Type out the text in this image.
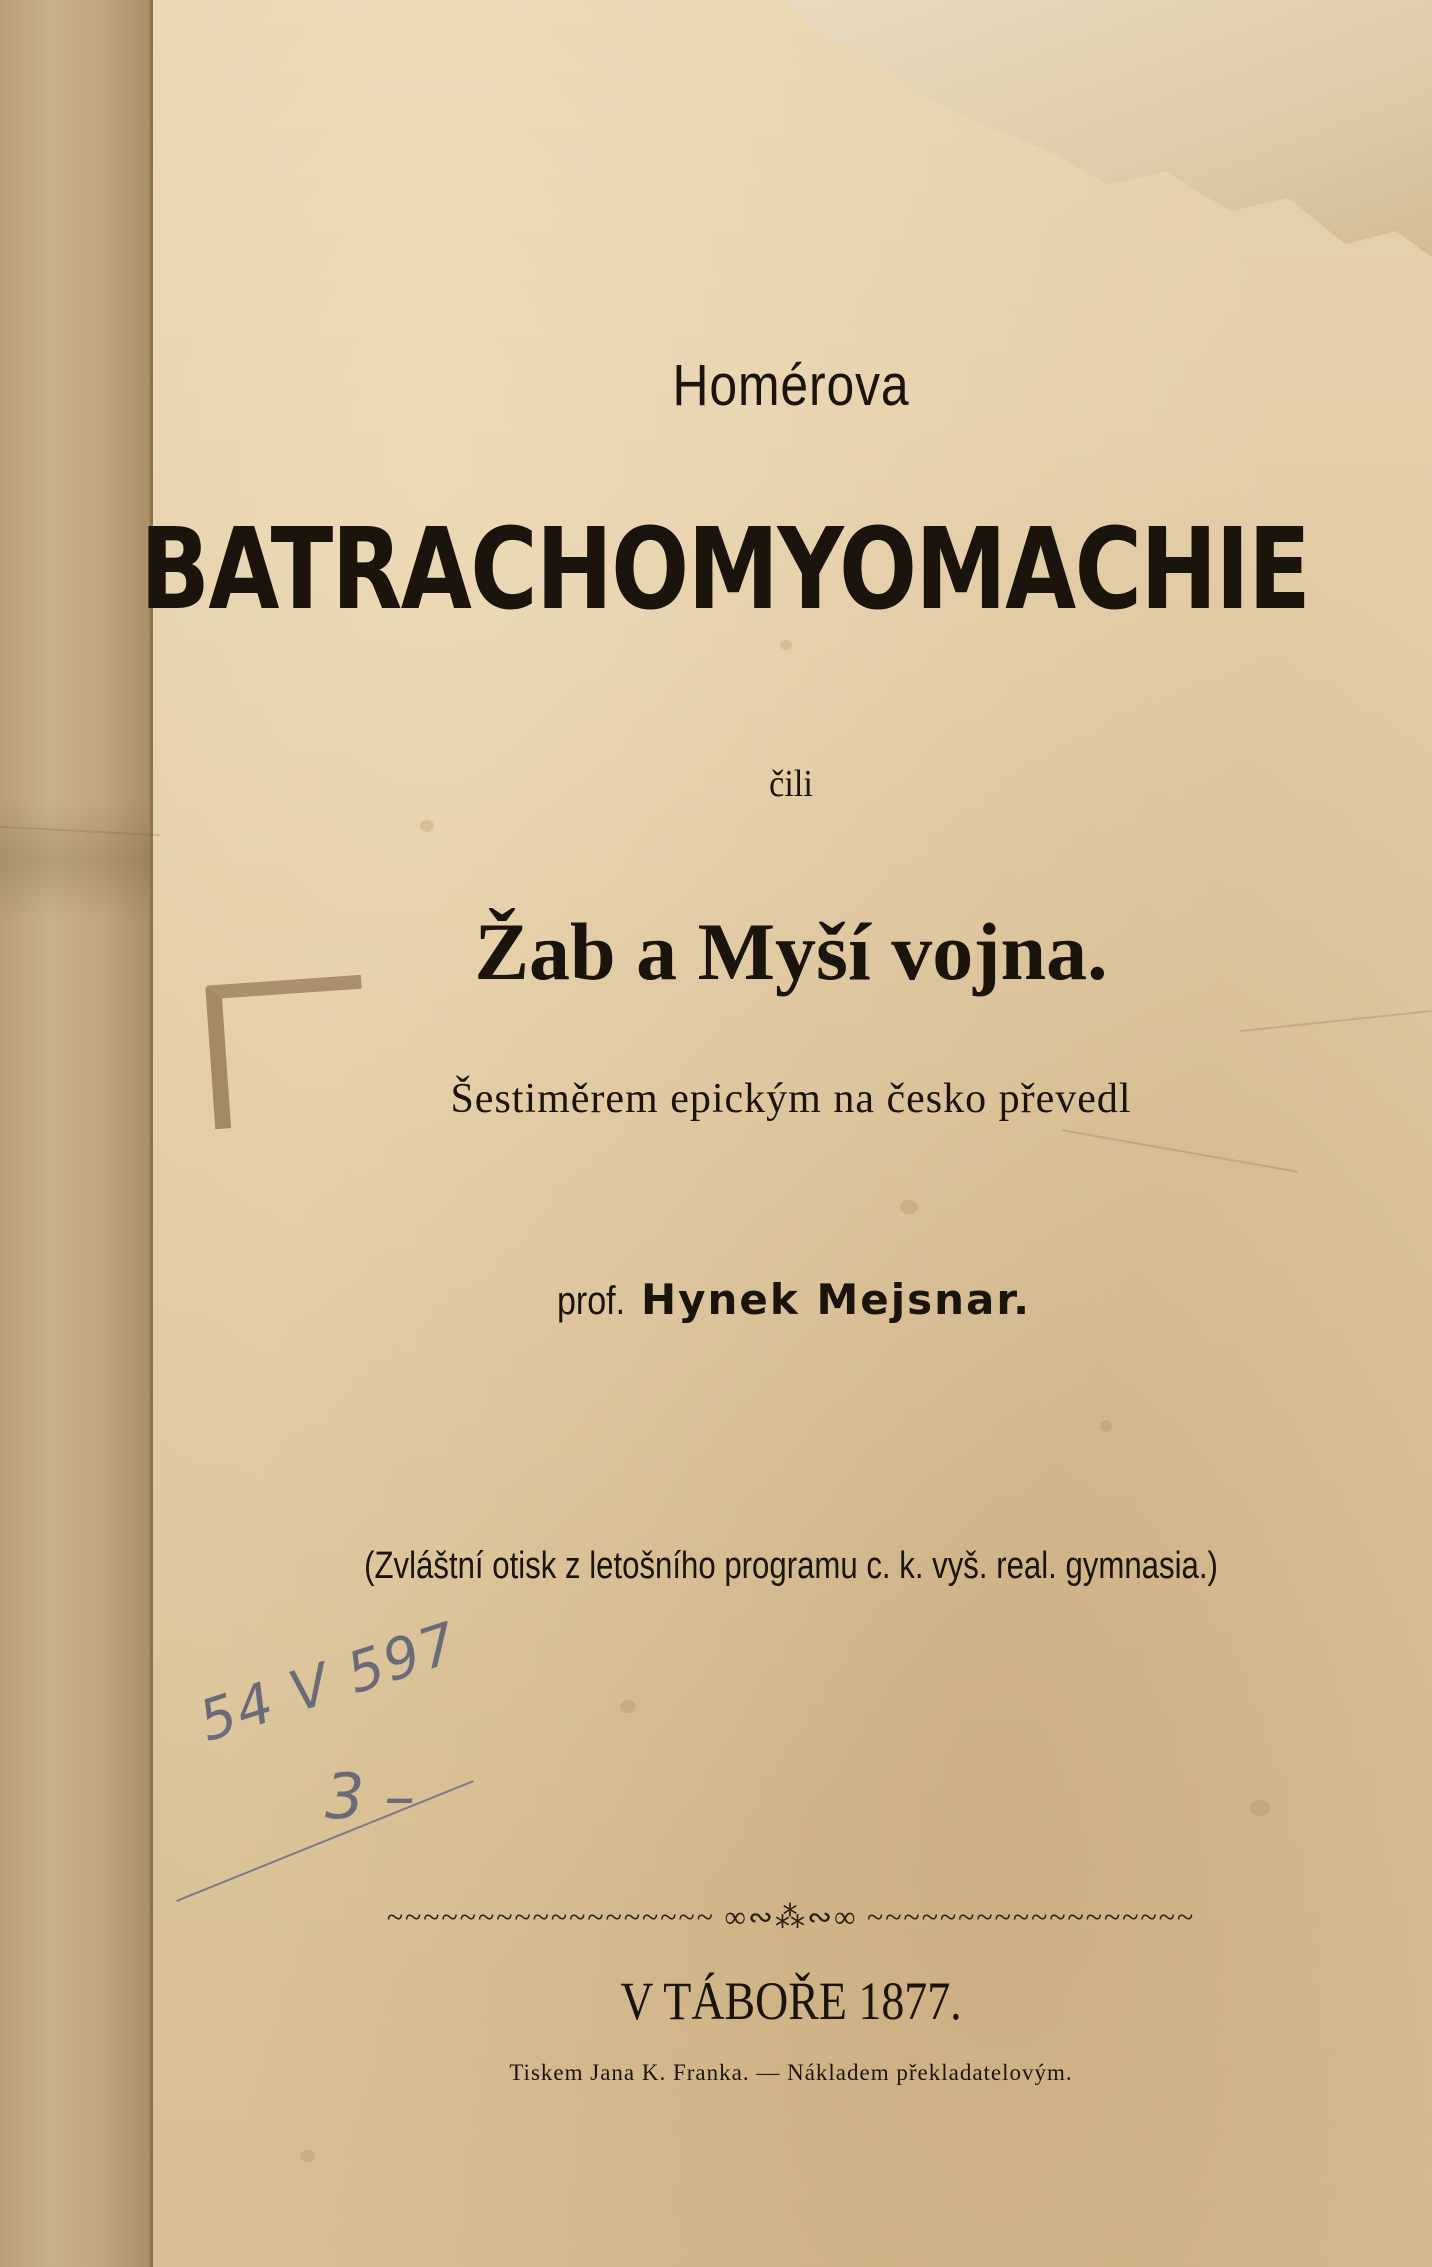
Homérova
BATRACHOMYOMACHIE
čili
Žab a Myší vojna.
Šestiměrem epickým na česko převedl
prof. Hynek Mejsnar.
(Zvláštní otisk z letošního programu c. k. vyš. real. gymnasia.)
~~~~~~~~~~~~~~~~~~ ∞∾⁂∾∞ ~~~~~~~~~~~~~~~~~~
V TÁBOŘE 1877.
Tiskem Jana K. Franka. — Nákladem překladatelovým.
54 V 597
3 –
